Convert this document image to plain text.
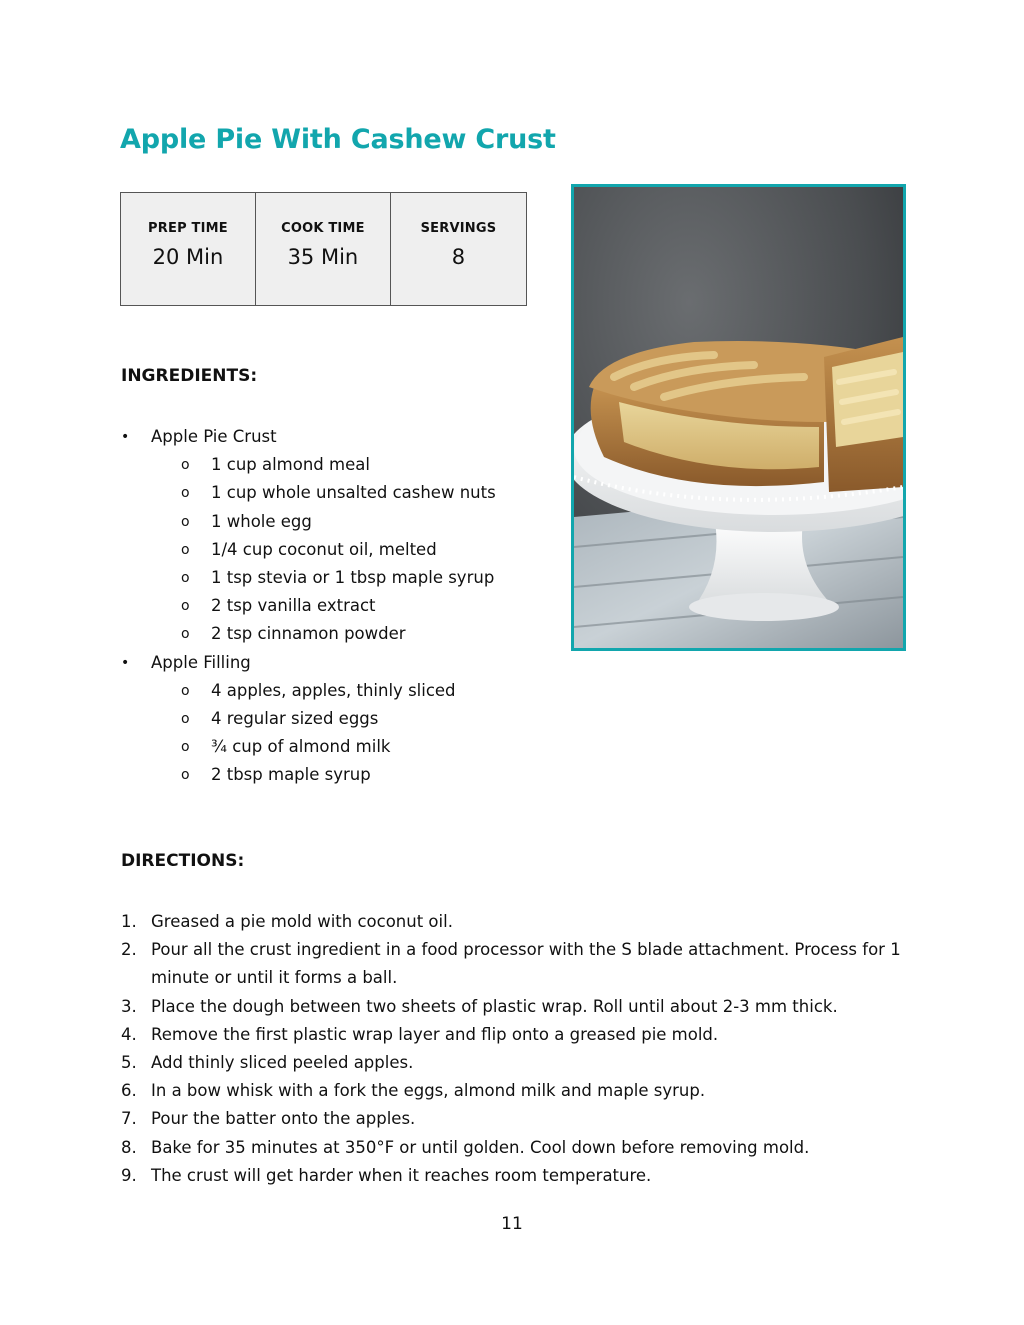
Apple Pie With Cashew Crust
PREP TIME
20 Min

COOK TIME
35 Min

SERVINGS
8
INGREDIENTS:
• Apple Pie Crust
o 1 cup almond meal
o 1 cup whole unsalted cashew nuts
o 1 whole egg
o 1/4 cup coconut oil, melted
o 1 tsp stevia or 1 tbsp maple syrup
o 2 tsp vanilla extract
o 2 tsp cinnamon powder
• Apple Filling
o 4 apples, apples, thinly sliced
o 4 regular sized eggs
o ¾ cup of almond milk
o 2 tbsp maple syrup
DIRECTIONS:
1. Greased a pie mold with coconut oil.
2. Pour all the crust ingredient in a food processor with the S blade attachment. Process for 1 minute or until it forms a ball.
3. Place the dough between two sheets of plastic wrap. Roll until about 2-3 mm thick.
4. Remove the first plastic wrap layer and flip onto a greased pie mold.
5. Add thinly sliced peeled apples.
6. In a bow whisk with a fork the eggs, almond milk and maple syrup.
7. Pour the batter onto the apples.
8. Bake for 35 minutes at 350°F or until golden. Cool down before removing mold.
9. The crust will get harder when it reaches room temperature.
11
